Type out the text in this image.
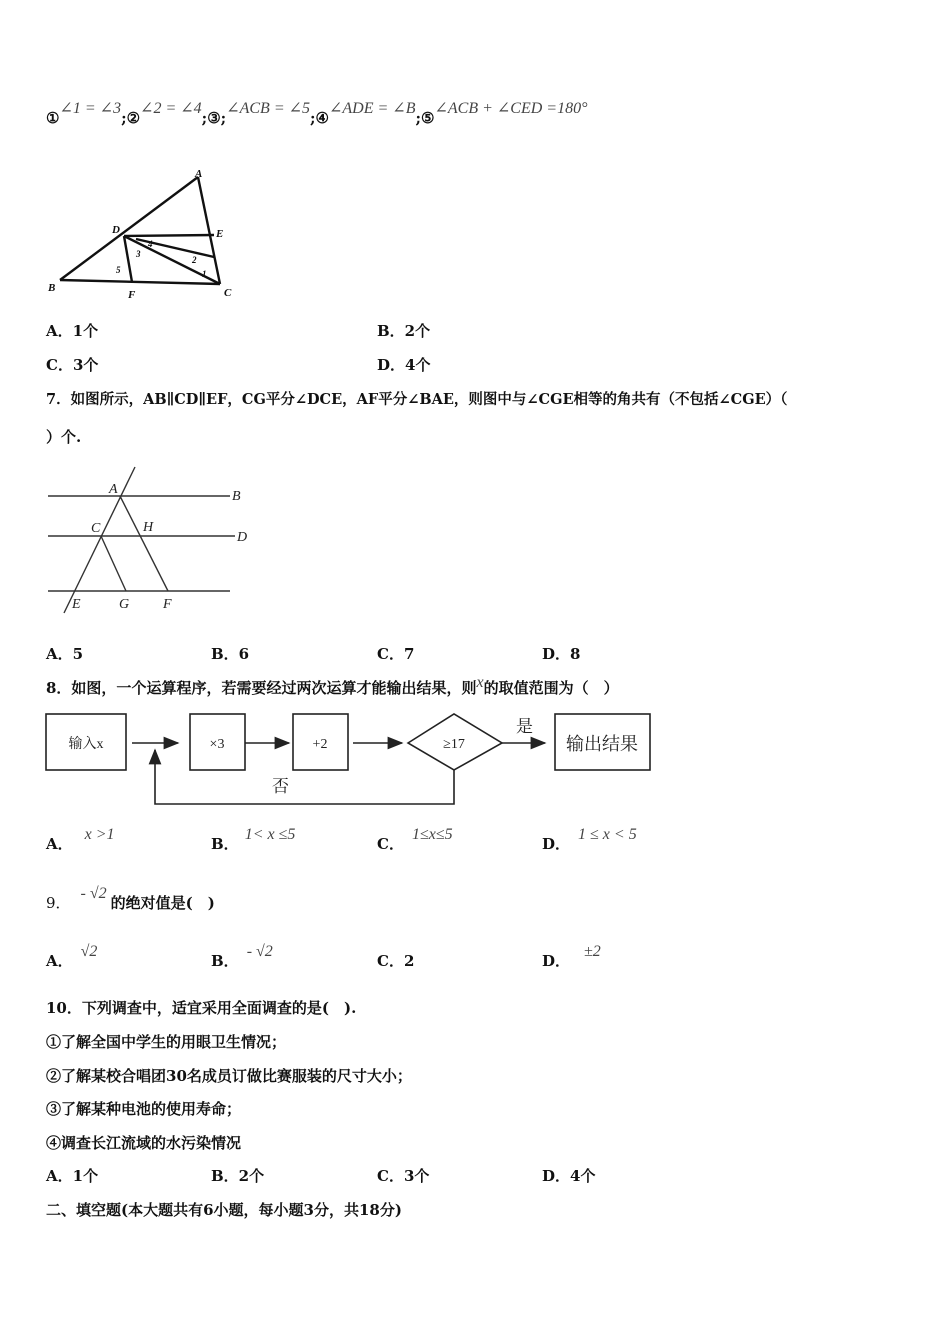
①∠1 = ∠3;②∠2 = ∠4;③;∠ACB = ∠5;④∠ADE = ∠B;⑤∠ACB + ∠CED =180°
A
D	E
B
F	C
1
2
3
4
5
A．1个	B．2个
C．3个	D．4个
7．如图所示，AB∥CD∥EF，CG平分∠DCE，AF平分∠BAE，则图中与∠CGE相等的角共有（不包括∠CGE）（
）个.
A	B
C	H
D
E	G F
A．5	B．6	C．7	D．8
8．如图，一个运算程序，若需要经过两次运算才能输出结果，则x的取值范围为（　）
输入x	×3	+2	≥17
是
否
输出结果
A．x >1
B．1< x ≤5
C．1≤x≤5
D．1 ≤ x < 5
9．- √2的绝对值是(　)
A．√2
B．- √2
C．2	D．±2
10．下列调查中，适宜采用全面调查的是(　).
①了解全国中学生的用眼卫生情况；
②了解某校合唱团30名成员订做比赛服装的尺寸大小；
③了解某种电池的使用寿命；
④调查长江流域的水污染情况
A．1个	B．2个	C．3个	D．4个
二、填空题(本大题共有6小题，每小题3分，共18分)
